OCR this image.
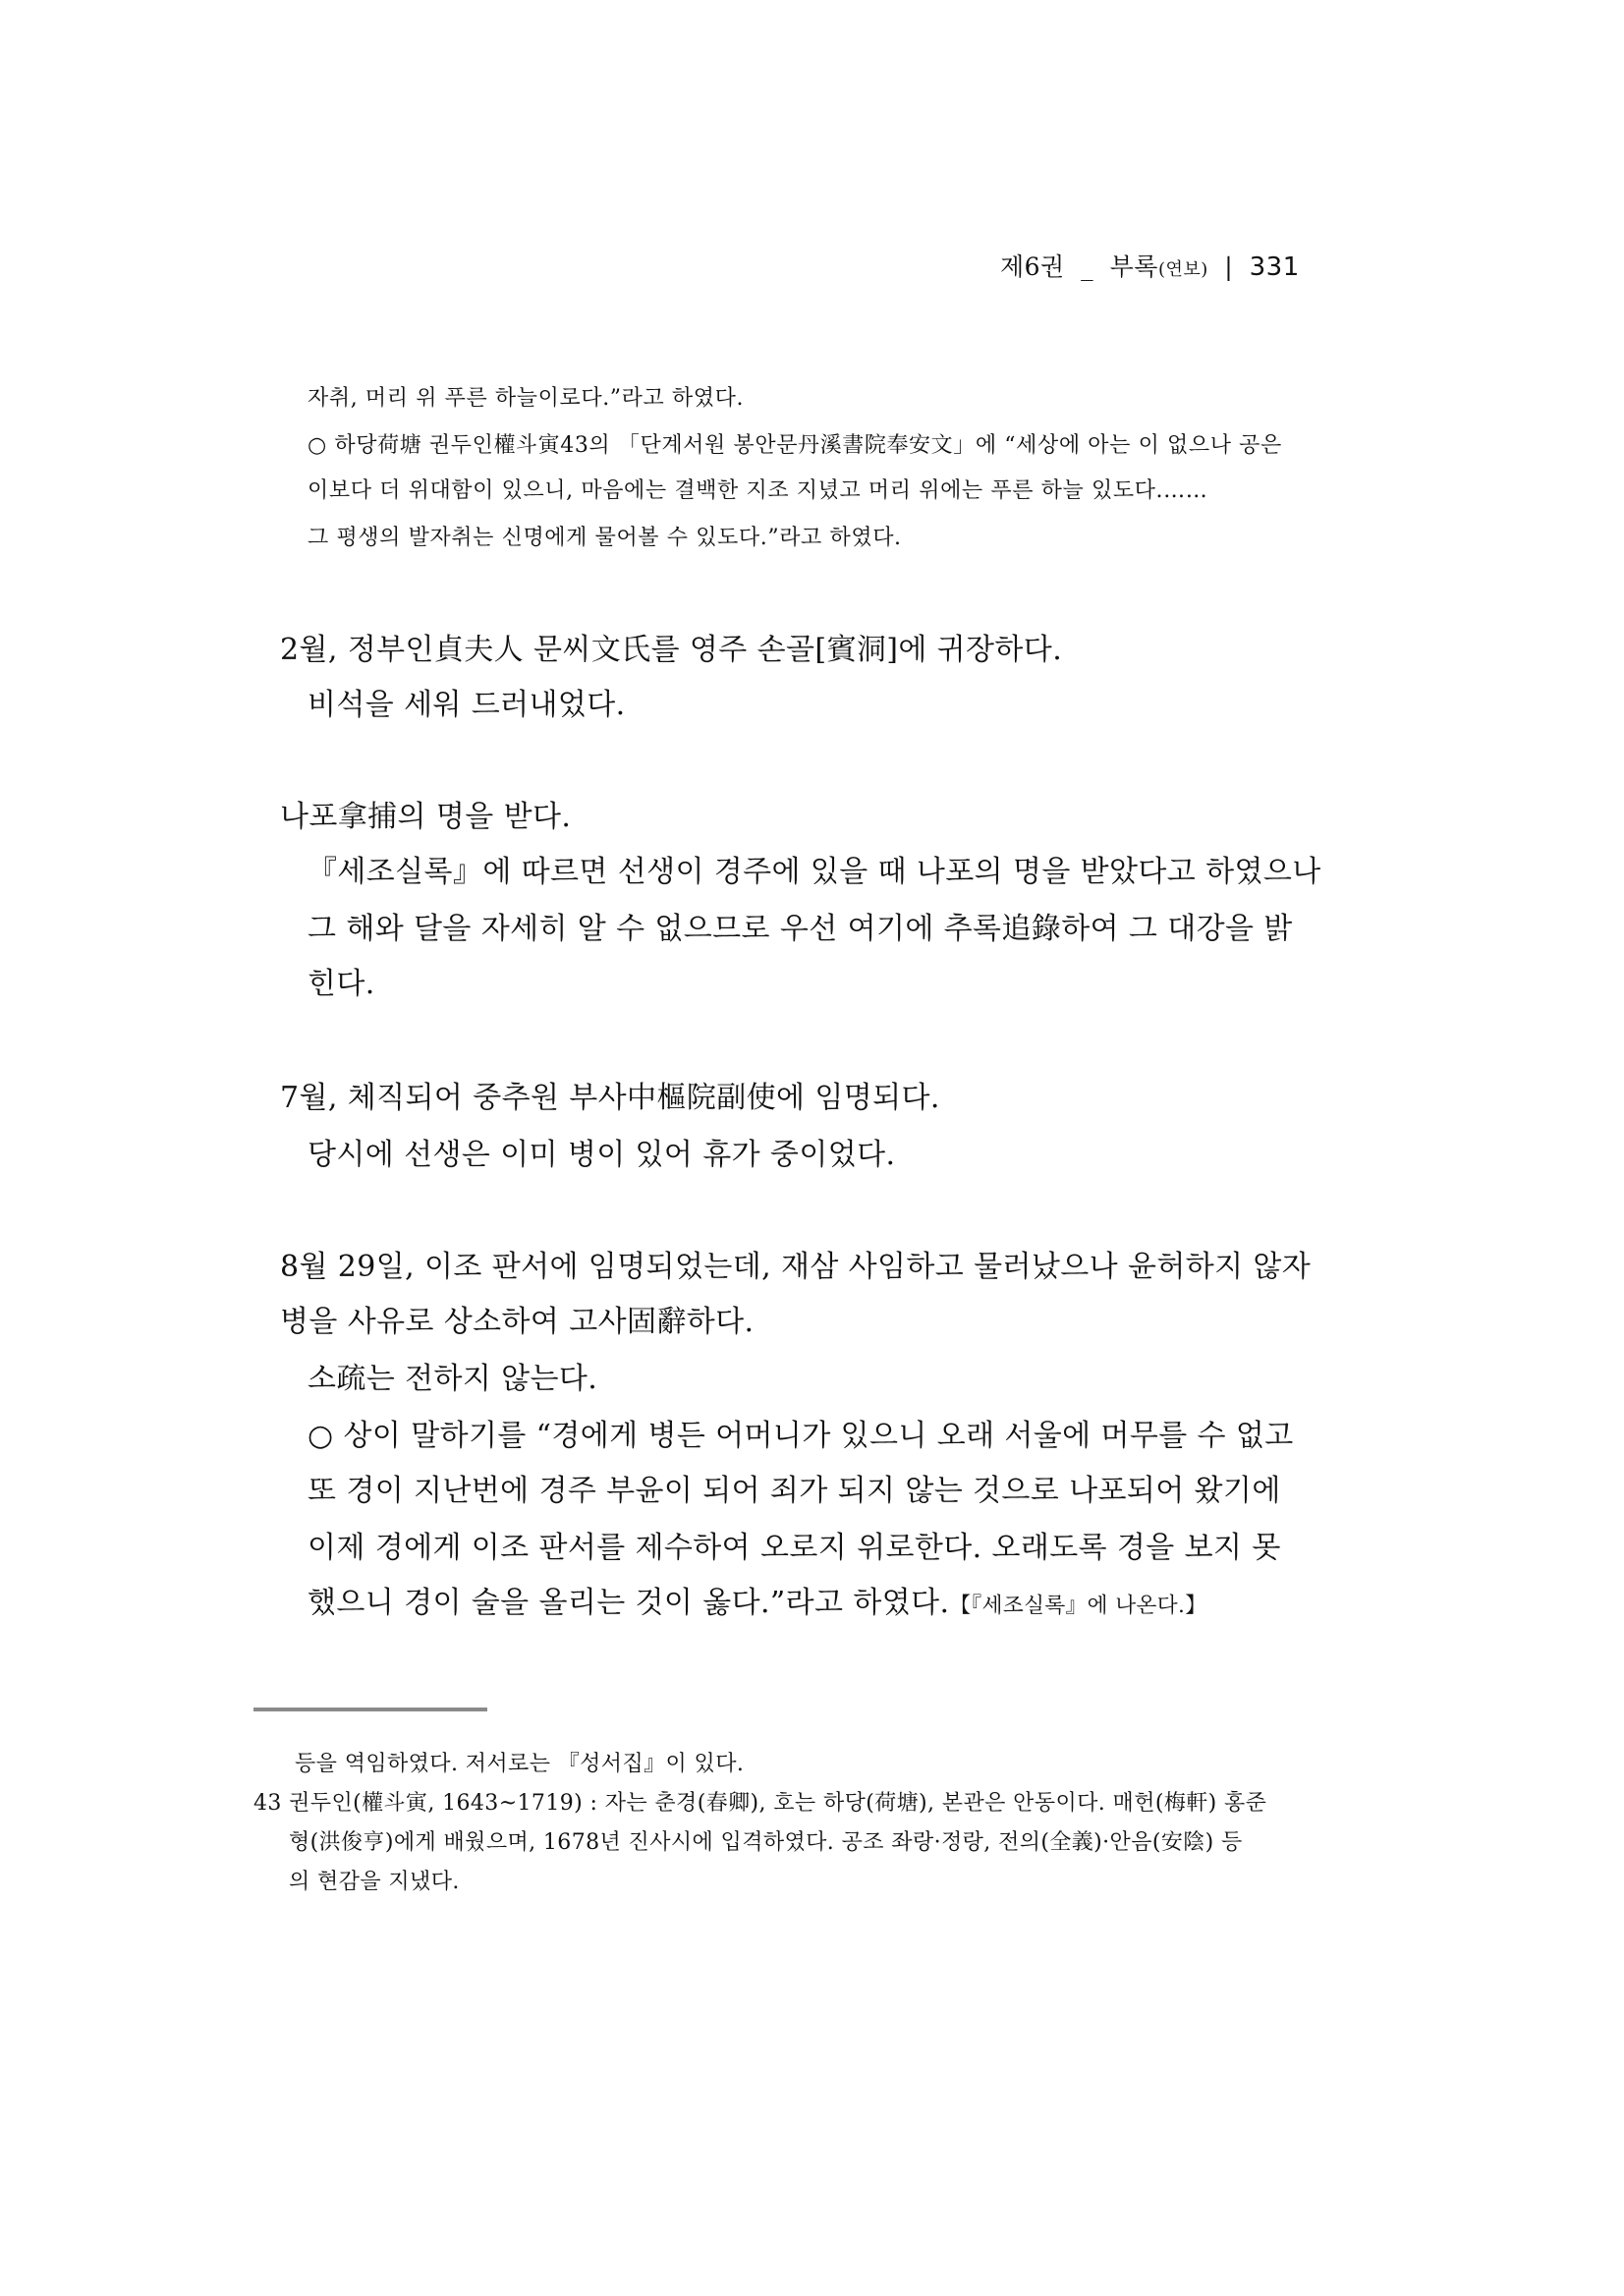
제6권 _ 부록(연보) | 331
자취, 머리 위 푸른 하늘이로다.”라고 하였다.
○ 하당荷塘 권두인權斗寅43의 「단계서원 봉안문丹溪書院奉安文」에 “세상에 아는 이 없으나 공은
이보다 더 위대함이 있으니, 마음에는 결백한 지조 지녔고 머리 위에는 푸른 하늘 있도다.……
그 평생의 발자취는 신명에게 물어볼 수 있도다.”라고 하였다.
2월, 정부인貞夫人 문씨文氏를 영주 손골[賓洞]에 귀장하다.
비석을 세워 드러내었다.
나포拿捕의 명을 받다.
『세조실록』에 따르면 선생이 경주에 있을 때 나포의 명을 받았다고 하였으나
그 해와 달을 자세히 알 수 없으므로 우선 여기에 추록追錄하여 그 대강을 밝
힌다.
7월, 체직되어 중추원 부사中樞院副使에 임명되다.
당시에 선생은 이미 병이 있어 휴가 중이었다.
8월 29일, 이조 판서에 임명되었는데, 재삼 사임하고 물러났으나 윤허하지 않자
병을 사유로 상소하여 고사固辭하다.
소疏는 전하지 않는다.
○ 상이 말하기를 “경에게 병든 어머니가 있으니 오래 서울에 머무를 수 없고
또 경이 지난번에 경주 부윤이 되어 죄가 되지 않는 것으로 나포되어 왔기에
이제 경에게 이조 판서를 제수하여 오로지 위로한다. 오래도록 경을 보지 못
했으니 경이 술을 올리는 것이 옳다.”라고 하였다.【『세조실록』에 나온다.】
등을 역임하였다. 저서로는 『성서집』이 있다.
43 권두인(權斗寅, 1643~1719) : 자는 춘경(春卿), 호는 하당(荷塘), 본관은 안동이다. 매헌(梅軒) 홍준
형(洪俊亨)에게 배웠으며, 1678년 진사시에 입격하였다. 공조 좌랑·정랑, 전의(全義)·안음(安陰) 등
의 현감을 지냈다.
